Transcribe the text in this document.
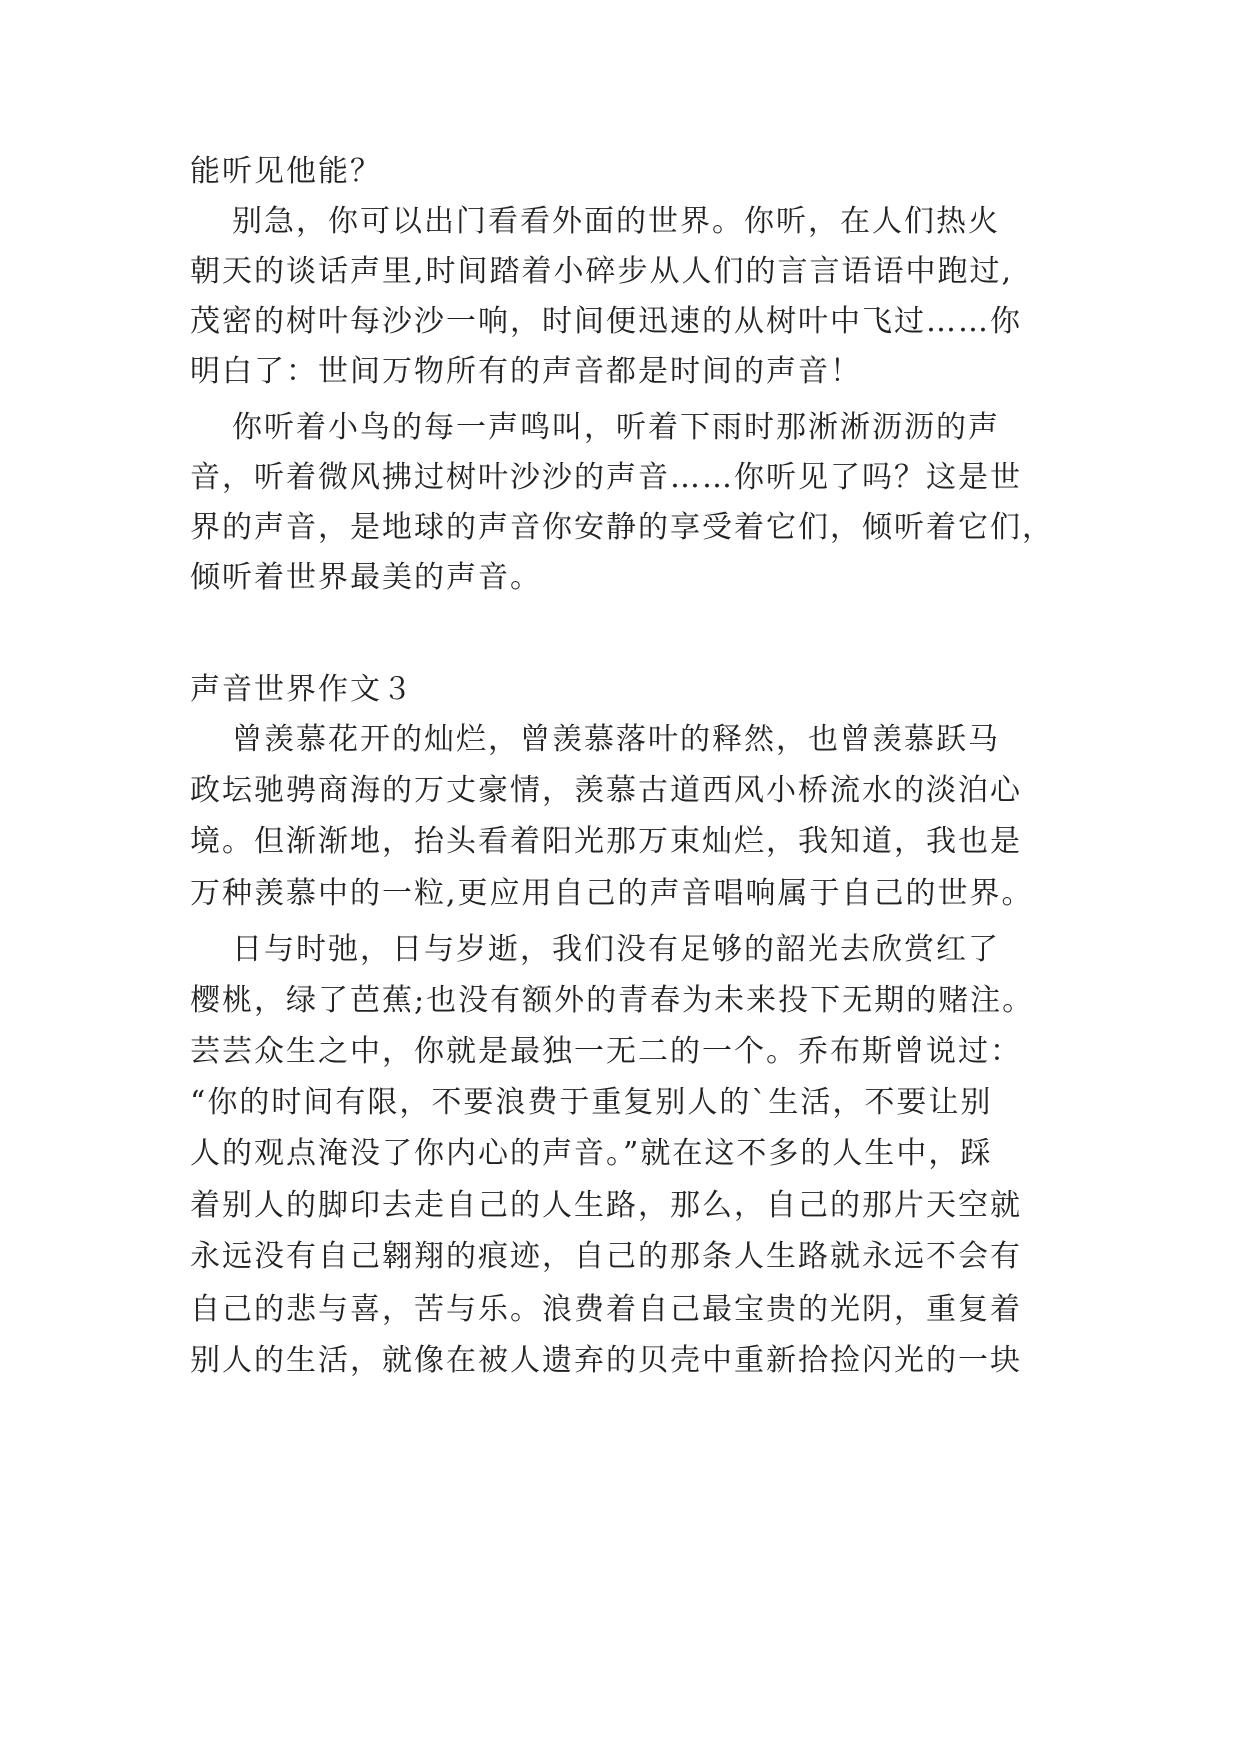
能听见他能？
别急，你可以出门看看外面的世界。你听，在人们热火
朝天的谈话声里,时间踏着小碎步从人们的言言语语中跑过,
茂密的树叶每沙沙一响，时间便迅速的从树叶中飞过……你
明白了：世间万物所有的声音都是时间的声音！
你听着小鸟的每一声鸣叫，听着下雨时那淅淅沥沥的声
音，听着微风拂过树叶沙沙的声音……你听见了吗？这是世
界的声音，是地球的声音你安静的享受着它们，倾听着它们，
倾听着世界最美的声音。
声音世界作文３
曾羡慕花开的灿烂，曾羡慕落叶的释然，也曾羡慕跃马
政坛驰骋商海的万丈豪情，羡慕古道西风小桥流水的淡泊心
境。但渐渐地，抬头看着阳光那万束灿烂，我知道，我也是
万种羡慕中的一粒,更应用自己的声音唱响属于自己的世界。
日与时弛，日与岁逝，我们没有足够的韶光去欣赏红了
樱桃，绿了芭蕉;也没有额外的青春为未来投下无期的赌注。
芸芸众生之中，你就是最独一无二的一个。乔布斯曾说过：
“你的时间有限，不要浪费于重复别人的`生活，不要让别
人的观点淹没了你内心的声音。”就在这不多的人生中，踩
着别人的脚印去走自己的人生路，那么，自己的那片天空就
永远没有自己翱翔的痕迹，自己的那条人生路就永远不会有
自己的悲与喜，苦与乐。浪费着自己最宝贵的光阴，重复着
别人的生活，就像在被人遗弃的贝壳中重新拾捡闪光的一块
